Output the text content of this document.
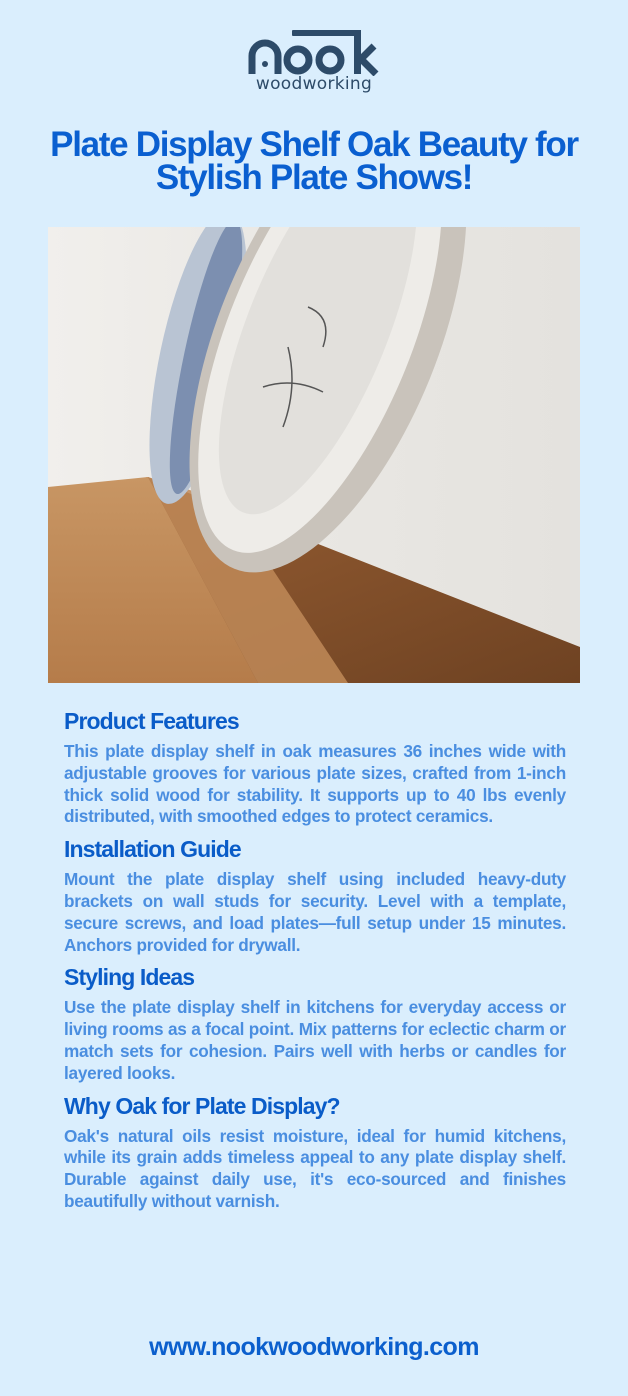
woodworking
Plate Display Shelf Oak Beauty for Stylish Plate Shows!
Product Features

This plate display shelf in oak measures 36 inches wide with adjustable grooves for various plate sizes, crafted from 1-inch thick solid wood for stability. It supports up to 40 lbs evenly distributed, with smoothed edges to protect ceramics.

Installation Guide

Mount the plate display shelf using included heavy-duty brackets on wall studs for security. Level with a template, secure screws, and load plates—full setup under 15 minutes. Anchors provided for drywall.

Styling Ideas

Use the plate display shelf in kitchens for everyday access or living rooms as a focal point. Mix patterns for eclectic charm or match sets for cohesion. Pairs well with herbs or candles for layered looks.

Why Oak for Plate Display?

Oak's natural oils resist moisture, ideal for humid kitchens, while its grain adds timeless appeal to any plate display shelf. Durable against daily use, it's eco-sourced and finishes beautifully without varnish.

www.nookwoodworking.com
